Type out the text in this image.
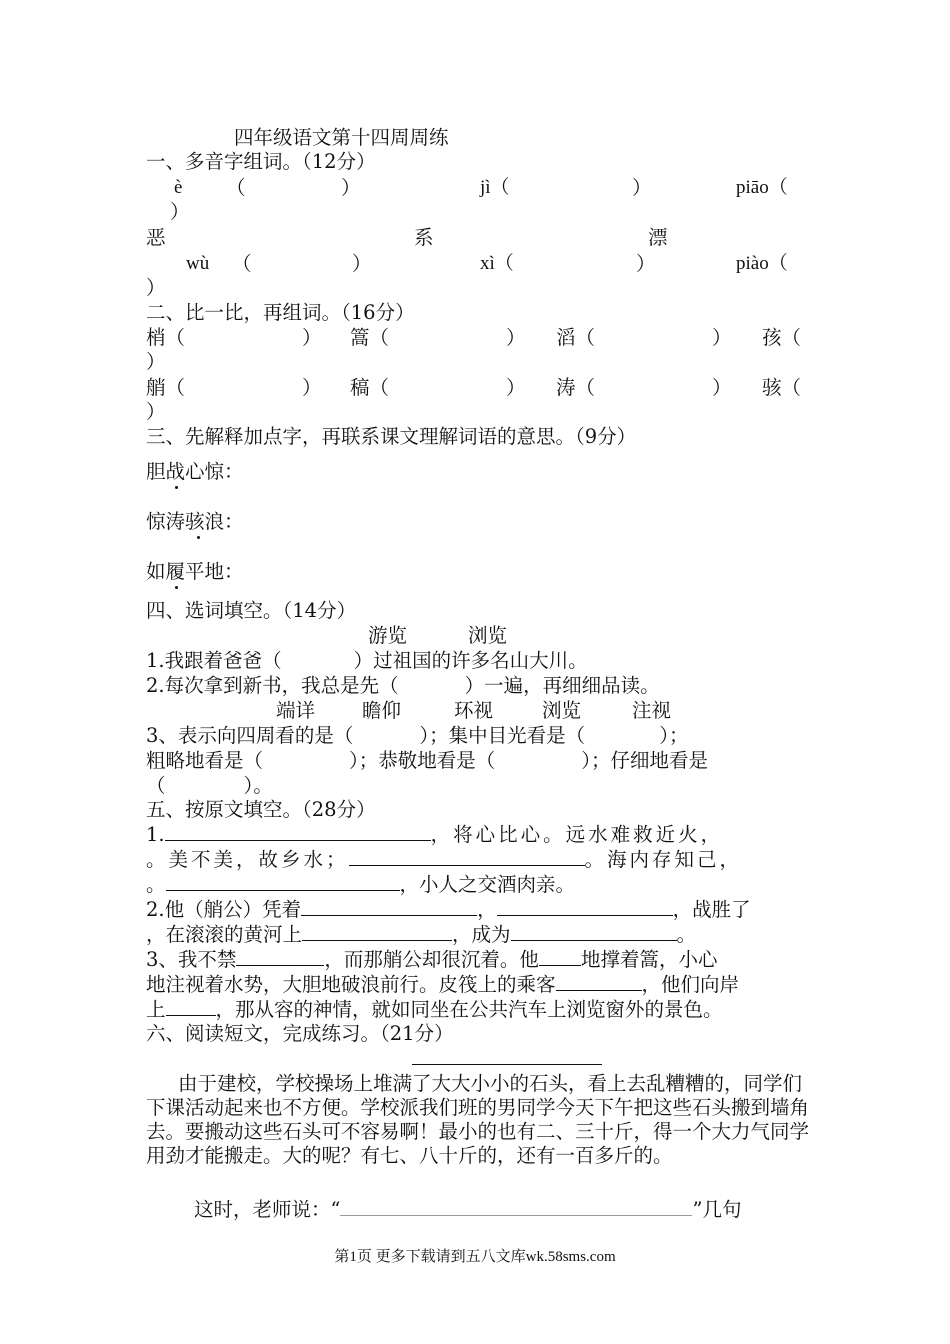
四年级语文第十四周周练
一、多音字组词。（12分）
è （	）	jì（	）	piāo（
）
恶	系	漂
wù （	）	xì（	）	piào（
）
二、比一比，再组词。（16分）
梢（	） 篙（	） 滔（	） 孩（
）
艄（	） 稿（	） 涛（	） 骇（
）
三、先解释加点字，再联系课文理解词语的意思。（9分）
胆战心惊：
惊涛骇浪：
如履平地：
四、选词填空。（14分）
游览	浏览
1.我跟着爸爸（	）过祖国的许多名山大川。
2.每次拿到新书，我总是先（	）一遍，再细细品读。
端详 瞻仰	环视	浏览	注视
3、表示向四周看的是（	）；集中目光看是（	）；
粗略地看是（	）；恭敬地看是（	）；仔细地看是
（	）。
五、按原文填空。（28分）
1.	，将心比心。远水难救近火，
。美不美，故乡水；	。海内存知己，
。	，小人之交酒肉亲。
2.他（艄公）凭着	，	，战胜了
，在滚滚的黄河上	，成为	。
3、我不禁	，而那艄公却很沉着。他 地撑着篙，小心
地注视着水势，大胆地破浪前行。皮筏上的乘客	，他们向岸
上	，那从容的神情，就如同坐在公共汽车上浏览窗外的景色。
六、阅读短文，完成练习。（21分）
由于建校，学校操场上堆满了大大小小的石头，看上去乱糟糟的，同学们下课活动起来也不方便。学校派我们班的男同学今天下午把这些石头搬到墙角去。要搬动这些石头可不容易啊！最小的也有二、三十斤，得一个大力气同学用劲才能搬走。大的呢？有七、八十斤的，还有一百多斤的。
这时，老师说：“	”几句
第1页 更多下载请到五八文库wk.58sms.com
